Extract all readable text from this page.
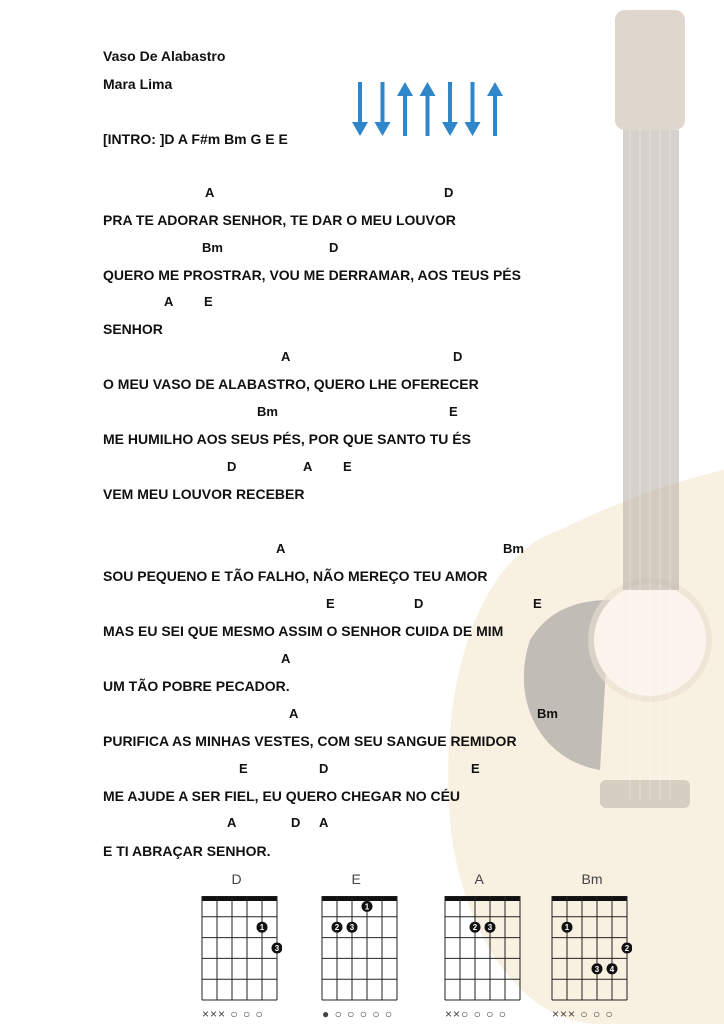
Vaso De Alabastro
Mara Lima
[INTRO: ]D A F#m Bm G E E
A	D
PRA TE ADORAR SENHOR, TE DAR O MEU LOUVOR
Bm	D
QUERO ME PROSTRAR, VOU ME DERRAMAR, AOS TEUS PÉS
A E
SENHOR
A	D
O MEU VASO DE ALABASTRO, QUERO LHE OFERECER
Bm	E
ME HUMILHO AOS SEUS PÉS, POR QUE SANTO TU ÉS
D	A E
VEM MEU LOUVOR RECEBER
A	Bm
SOU PEQUENO E TÃO FALHO, NÃO MEREÇO TEU AMOR
E	D	E
MAS EU SEI QUE MESMO ASSIM O SENHOR CUIDA DE MIM
A
UM TÃO POBRE PECADOR.
A	Bm
PURIFICA AS MINHAS VESTES, COM SEU SANGUE REMIDOR
E	D	E
ME AJUDE A SER FIEL, EU QUERO CHEGAR NO CÉU
A	D A
E TI ABRAÇAR SENHOR.
D
1
3
××× ○ ○ ○
E
2 3
1
● ○ ○ ○ ○ ○
A
2 3
××○ ○ ○ ○
Bm
1
3 4
2
××× ○ ○ ○
